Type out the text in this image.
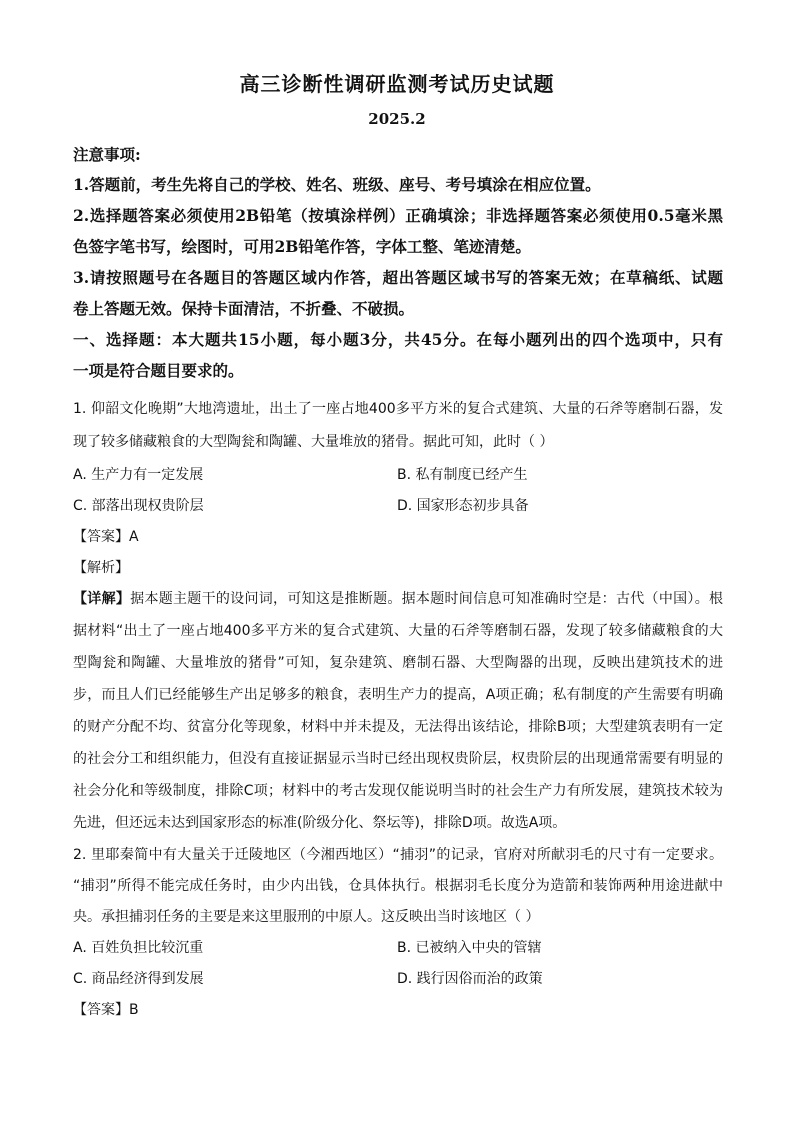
高三诊断性调研监测考试历史试题
2025.2
注意事项:
1.答题前，考生先将自己的学校、姓名、班级、座号、考号填涂在相应位置。
2.选择题答案必须使用2B铅笔（按填涂样例）正确填涂；非选择题答案必须使用0.5毫米黑
色签字笔书写，绘图时，可用2B铅笔作答，字体工整、笔迹清楚。
3.请按照题号在各题目的答题区域内作答，超出答题区域书写的答案无效；在草稿纸、试题
卷上答题无效。保持卡面清洁，不折叠、不破损。
一、选择题：本大题共15小题，每小题3分，共45分。在每小题列出的四个选项中，只有
一项是符合题目要求的。
1. 仰韶文化晚期”大地湾遗址，出土了一座占地400多平方米的复合式建筑、大量的石斧等磨制石器，发
现了较多储藏粮食的大型陶瓮和陶罐、大量堆放的猪骨。据此可知，此时（ ）
A. 生产力有一定发展	B. 私有制度已经产生
C. 部落出现权贵阶层	D. 国家形态初步具备
【答案】A
【解析】
【详解】据本题主题干的设问词，可知这是推断题。据本题时间信息可知准确时空是：古代（中国）。根
据材料“出土了一座占地400多平方米的复合式建筑、大量的石斧等磨制石器，发现了较多储藏粮食的大
型陶瓮和陶罐、大量堆放的猪骨”可知，复杂建筑、磨制石器、大型陶器的出现，反映出建筑技术的进
步，而且人们已经能够生产出足够多的粮食，表明生产力的提高，A项正确；私有制度的产生需要有明确
的财产分配不均、贫富分化等现象，材料中并未提及，无法得出该结论，排除B项；大型建筑表明有一定
的社会分工和组织能力，但没有直接证据显示当时已经出现权贵阶层，权贵阶层的出现通常需要有明显的
社会分化和等级制度，排除C项；材料中的考古发现仅能说明当时的社会生产力有所发展，建筑技术较为
先进，但还远未达到国家形态的标准(阶级分化、祭坛等)，排除D项。故选A项。
2. 里耶秦简中有大量关于迁陵地区（今湘西地区）“捕羽”的记录，官府对所献羽毛的尺寸有一定要求。
“捕羽”所得不能完成任务时，由少内出钱，仓具体执行。根据羽毛长度分为造箭和装饰两种用途进献中
央。承担捕羽任务的主要是来这里服刑的中原人。这反映出当时该地区（ ）
A. 百姓负担比较沉重	B. 已被纳入中央的管辖
C. 商品经济得到发展	D. 践行因俗而治的政策
【答案】B
